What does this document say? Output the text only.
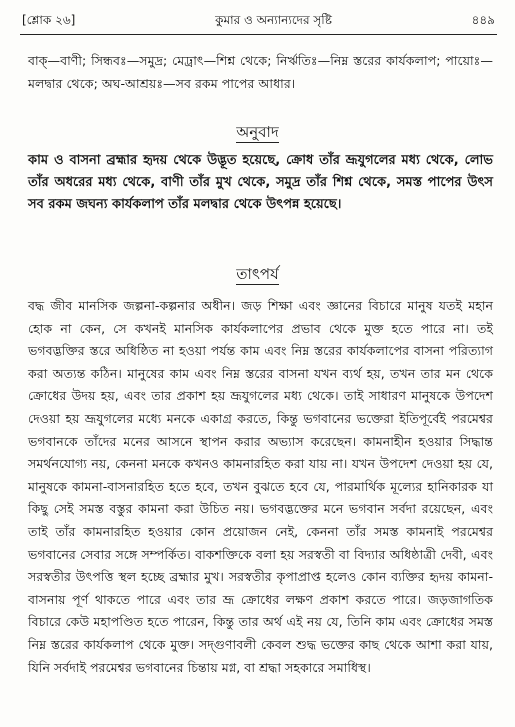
[শ্লোক ২৬]	কুমার ও অন্যান্যদের সৃষ্টি	৪৪৯

বাক্‌—বাণী; সিন্ধবঃ—সমুদ্র; মেঢ্রাৎ—শিশ্ন থেকে; নির্ঋতিঃ—নিম্ন স্তরের কার্যকলাপ; পায়োঃ—মলদ্বার থেকে; অঘ-আশ্রয়ঃ—সব রকম পাপের আধার।

অনুবাদ

কাম ও বাসনা ব্রহ্মার হৃদয় থেকে উদ্ভূত হয়েছে, ক্রোধ তাঁর ভ্রূযুগলের মধ্য থেকে, লোভ তাঁর অধরের মধ্য থেকে, বাণী তাঁর মুখ থেকে, সমুদ্র তাঁর শিশ্ন থেকে, সমস্ত পাপের উৎস সব রকম জঘন্য কার্যকলাপ তাঁর মলদ্বার থেকে উৎপন্ন হয়েছে।

তাৎপর্য

বদ্ধ জীব মানসিক জল্পনা-কল্পনার অধীন। জড় শিক্ষা এবং জ্ঞানের বিচারে মানুষ যতই মহান হোক না কেন, সে কখনই মানসিক কার্যকলাপের প্রভাব থেকে মুক্ত হতে পারে না। তই ভগবদ্ভক্তির স্তরে অধিষ্ঠিত না হওয়া পর্যন্ত কাম এবং নিম্ন স্তরের কার্যকলাপের বাসনা পরিত্যাগ করা অত্যন্ত কঠিন। মানুষের কাম এবং নিম্ন স্তরের বাসনা যখন ব্যর্থ হয়, তখন তার মন থেকে ক্রোধের উদয় হয়, এবং তার প্রকাশ হয় ভ্রূযুগলের মধ্য থেকে। তাই সাধারণ মানুষকে উপদেশ দেওয়া হয় ভ্রূযুগলের মধ্যে মনকে একাগ্র করতে, কিন্তু ভগবানের ভক্তেরা ইতিপূর্বেই পরমেশ্বর ভগবানকে তাঁদের মনের আসনে স্থাপন করার অভ্যাস করেছেন। কামনাহীন হওয়ার সিদ্ধান্ত সমর্থনযোগ্য নয়, কেননা মনকে কখনও কামনারহিত করা যায় না। যখন উপদেশ দেওয়া হয় যে, মানুষকে কামনা-বাসনারহিত হতে হবে, তখন বুঝতে হবে যে, পারমার্থিক মূল্যের হানিকারক যা কিছু সেই সমস্ত বস্তুর কামনা করা উচিত নয়। ভগবদ্ভক্তের মনে ভগবান সর্বদা রয়েছেন, এবং তাই তাঁর কামনারহিত হওয়ার কোন প্রয়োজন নেই, কেননা তাঁর সমস্ত কামনাই পরমেশ্বর ভগবানের সেবার সঙ্গে সম্পর্কিত। বাকশক্তিকে বলা হয় সরস্বতী বা বিদ্যার অধিষ্ঠাত্রী দেবী, এবং সরস্বতীর উৎপত্তি স্থল হচ্ছে ব্রহ্মার মুখ। সরস্বতীর কৃপাপ্রাপ্ত হলেও কোন ব্যক্তির হৃদয় কামনা-বাসনায় পূর্ণ থাকতে পারে এবং তার ভ্রূ ক্রোধের লক্ষণ প্রকাশ করতে পারে। জড়জাগতিক বিচারে কেউ মহাপণ্ডিত হতে পারেন, কিন্তু তার অর্থ এই নয় যে, তিনি কাম এবং ক্রোধের সমস্ত নিম্ন স্তরের কার্যকলাপ থেকে মুক্ত। সদ্গুণাবলী কেবল শুদ্ধ ভক্তের কাছ থেকে আশা করা যায়, যিনি সর্বদাই পরমেশ্বর ভগবানের চিন্তায় মগ্ন, বা শ্রদ্ধা সহকারে সমাধিস্থ।
